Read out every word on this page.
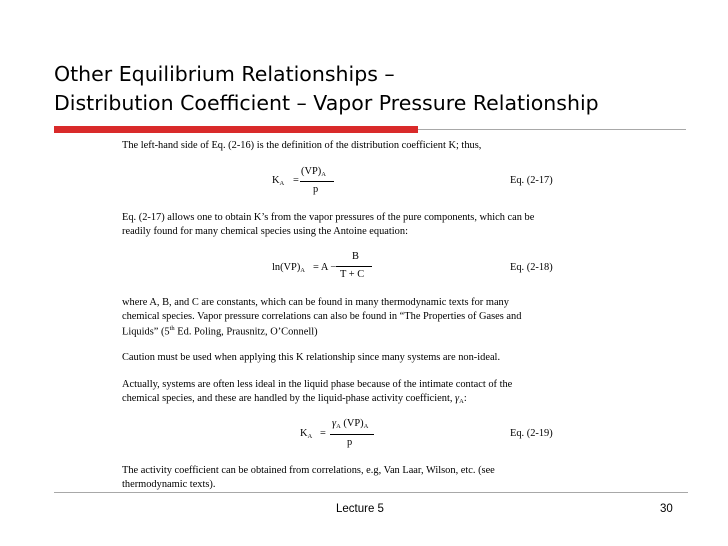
Other Equilibrium Relationships –
Distribution Coefficient – Vapor Pressure Relationship
The left-hand side of Eq. (2-16) is the definition of the distribution coefficient K; thus,
$K_A$ =
$(VP)_A$
p
Eq. (2-17)
Eq. (2-17) allows one to obtain K’s from the vapor pressures of the pure components, which can be
readily found for many chemical species using the Antoine equation:
$\ln(VP)_A = A$ −
B
T + C
Eq. (2-18)
where A, B, and C are constants, which can be found in many thermodynamic texts for many
chemical species. Vapor pressure correlations can also be found in “The Properties of Gases and
Liquids” (5th Ed. Poling, Prausnitz, O’Connell)
Caution must be used when applying this K relationship since many systems are non-ideal.
Actually, systems are often less ideal in the liquid phase because of the intimate contact of the
chemical species, and these are handled by the liquid-phase activity coefficient, $\gamma_A$:
$K_A$ =
$\gamma_A$ $(VP)_A$
p
Eq. (2-19)
The activity coefficient can be obtained from correlations, e.g, Van Laar, Wilson, etc. (see
thermodynamic texts).
Lecture 5	30
